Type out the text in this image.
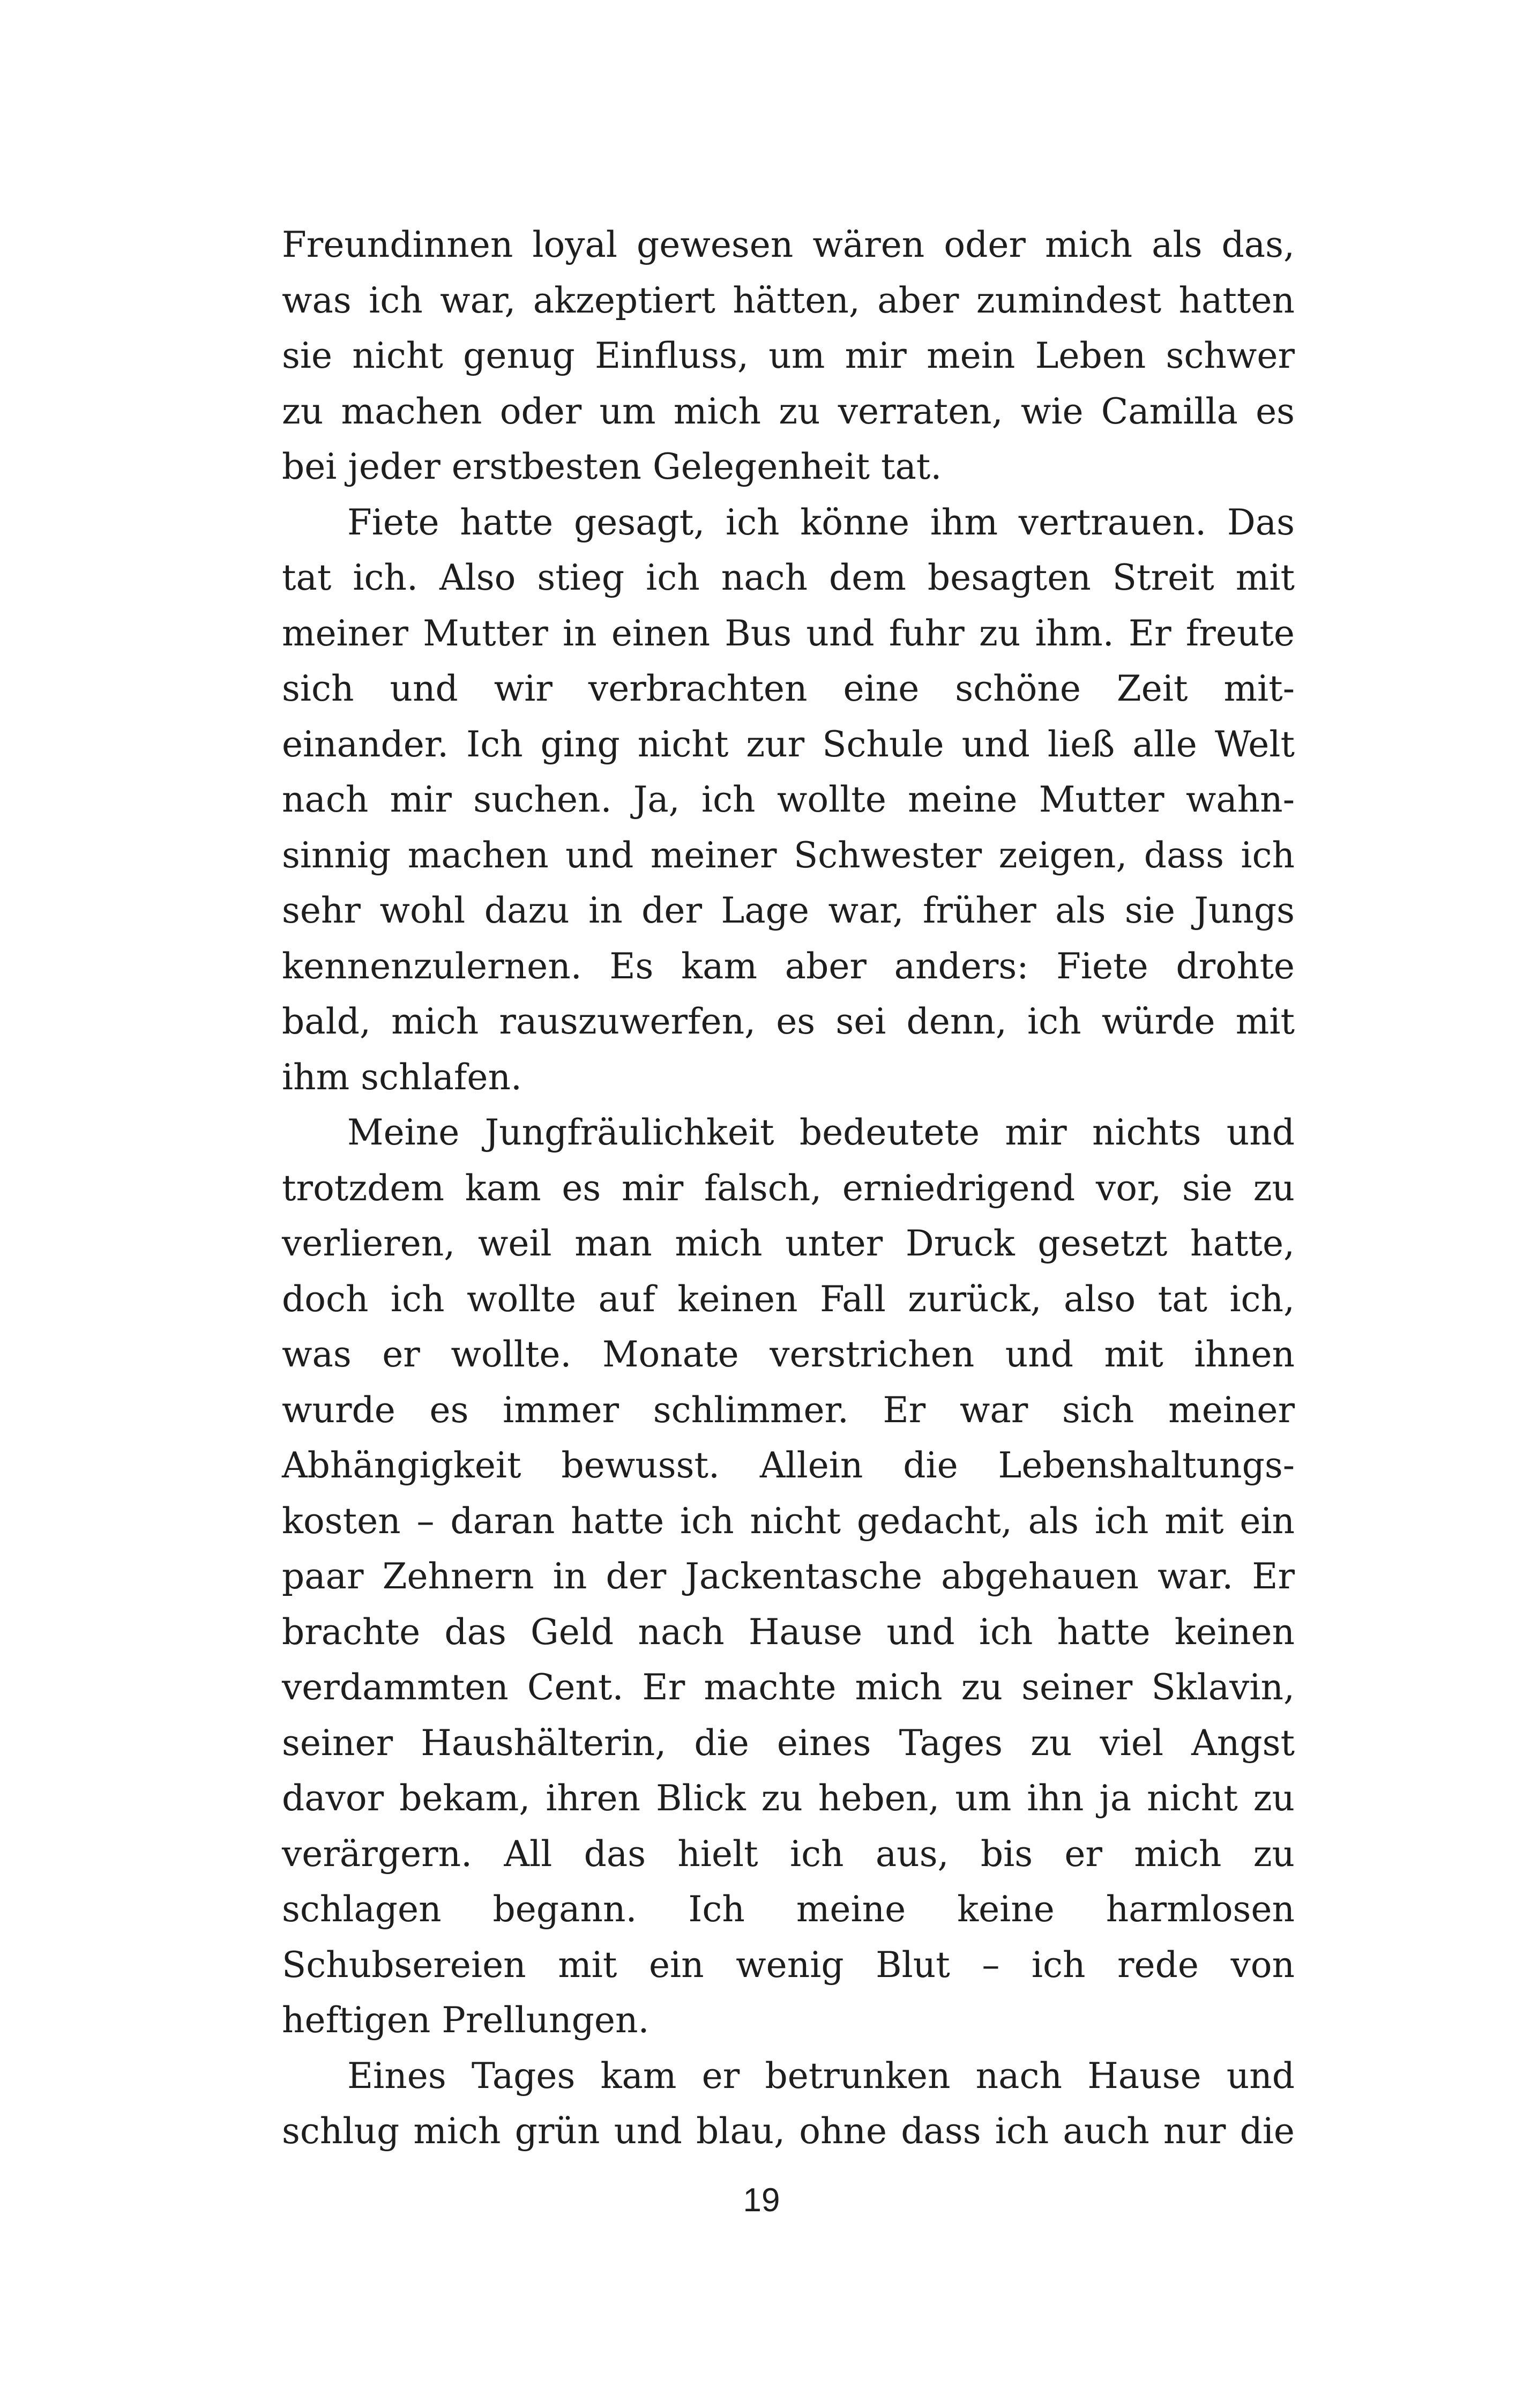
Freundinnen loyal gewesen wären oder mich als das,
was ich war, akzeptiert hätten, aber zumindest hatten
sie nicht genug Einfluss, um mir mein Leben schwer
zu machen oder um mich zu verraten, wie Camilla es
bei jeder erstbesten Gelegenheit tat.
Fiete hatte gesagt, ich könne ihm vertrauen. Das
tat ich. Also stieg ich nach dem besagten Streit mit
meiner Mutter in einen Bus und fuhr zu ihm. Er freute
sich und wir verbrachten eine schöne Zeit mit-
einander. Ich ging nicht zur Schule und ließ alle Welt
nach mir suchen. Ja, ich wollte meine Mutter wahn-
sinnig machen und meiner Schwester zeigen, dass ich
sehr wohl dazu in der Lage war, früher als sie Jungs
kennenzulernen. Es kam aber anders: Fiete drohte
bald, mich rauszuwerfen, es sei denn, ich würde mit
ihm schlafen.
Meine Jungfräulichkeit bedeutete mir nichts und
trotzdem kam es mir falsch, erniedrigend vor, sie zu
verlieren, weil man mich unter Druck gesetzt hatte,
doch ich wollte auf keinen Fall zurück, also tat ich,
was er wollte. Monate verstrichen und mit ihnen
wurde es immer schlimmer. Er war sich meiner
Abhängigkeit bewusst. Allein die Lebenshaltungs-
kosten – daran hatte ich nicht gedacht, als ich mit ein
paar Zehnern in der Jackentasche abgehauen war. Er
brachte das Geld nach Hause und ich hatte keinen
verdammten Cent. Er machte mich zu seiner Sklavin,
seiner Haushälterin, die eines Tages zu viel Angst
davor bekam, ihren Blick zu heben, um ihn ja nicht zu
verärgern. All das hielt ich aus, bis er mich zu
schlagen begann. Ich meine keine harmlosen
Schubsereien mit ein wenig Blut – ich rede von
heftigen Prellungen.
Eines Tages kam er betrunken nach Hause und
schlug mich grün und blau, ohne dass ich auch nur die
19
